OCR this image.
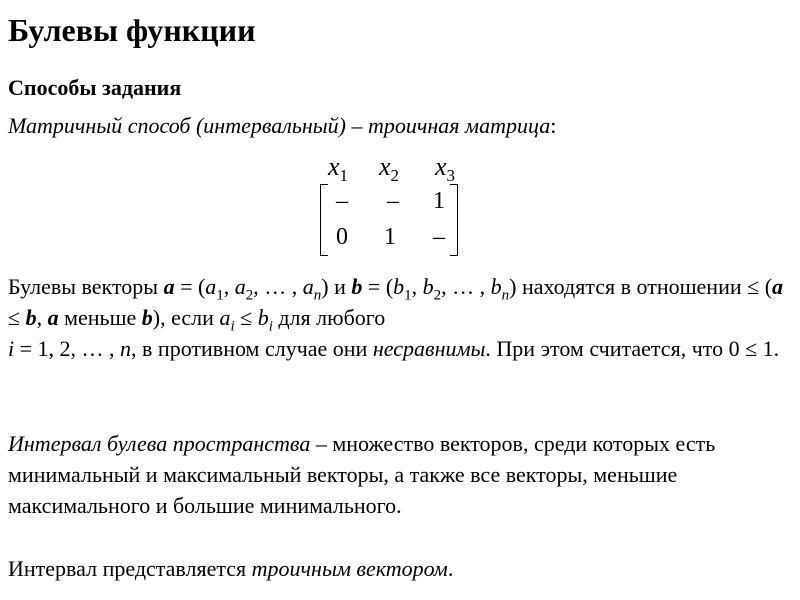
Булевы функции
Способы задания
Матричный способ (интервальный) – троичная матрица:
$x_1$ $x_2$ $x_3$
– – 1
0 1 –

Булевы векторы $a = (a_1$, $a_2$, … , $a_n$) и $b = (b_1$, $b_2$, … , $b_n$) находятся в отношении ≤ (a ≤ b, a меньше b), если $a_i \le b_i$ для любого
i = 1, 2, … , n, в противном случае они несравнимы. При этом считается, что 0 ≤ 1.

Интервал булева пространства – множество векторов, среди которых есть минимальный и максимальный векторы, а также все векторы, меньшие максимального и большие минимального.

Интервал представляется троичным вектором.
